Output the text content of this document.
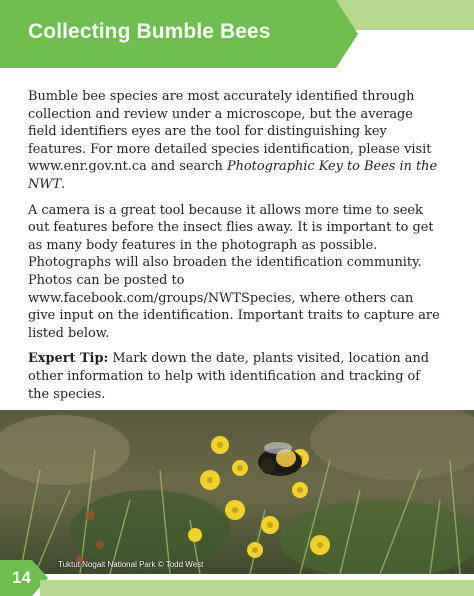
Collecting Bumble Bees

Bumble bee species are most accurately identified through collection and review under a microscope, but the average field identifiers eyes are the tool for distinguishing key features. For more detailed species identification, please visit www.enr.gov.nt.ca and search Photographic Key to Bees in the NWT.

A camera is a great tool because it allows more time to seek out features before the insect flies away. It is important to get as many body features in the photograph as possible. Photographs will also broaden the identification community. Photos can be posted to www.facebook.com/groups/NWTSpecies, where others can give input on the identification. Important traits to capture are listed below.

Expert Tip: Mark down the date, plants visited, location and other information to help with identification and tracking of the species.

Tuktut Nogait National Park © Todd West
14
